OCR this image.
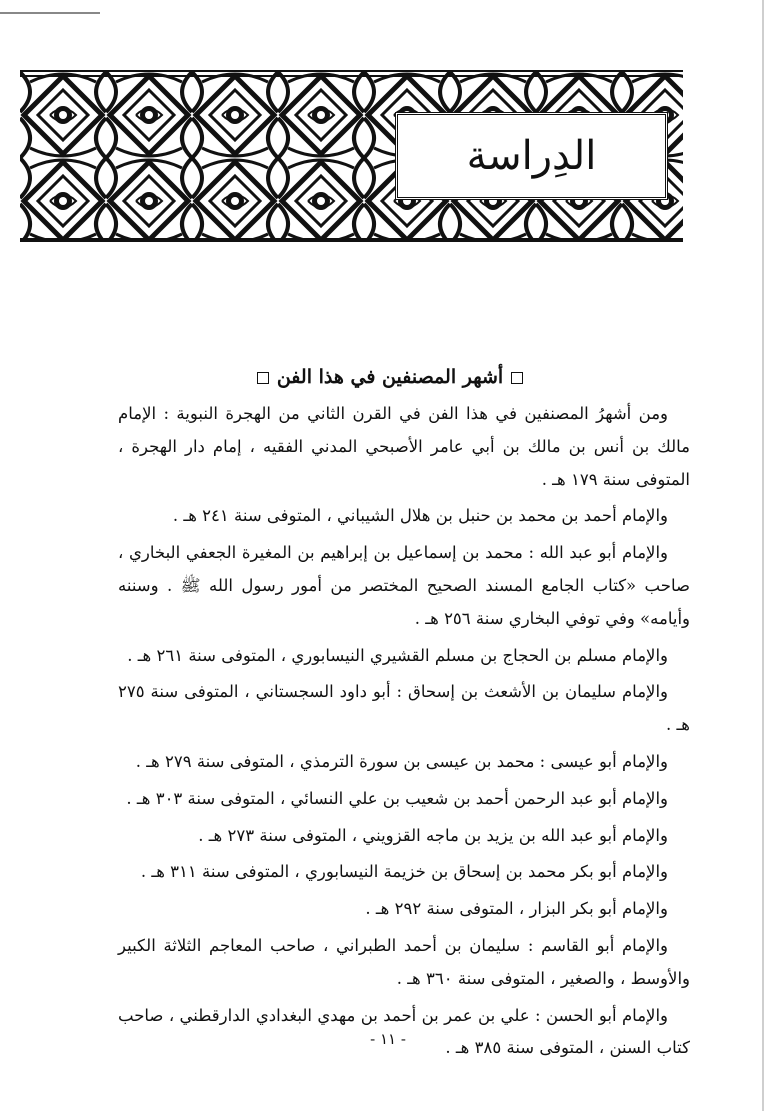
الدِراسة
أشهر المصنفين في هذا الفن

ومن أشهرُ المصنفين في هذا الفن في القرن الثاني من الهجرة النبوية : الإمام مالك بن أنس بن مالك بن أبي عامر الأصبحي المدني الفقيه ، إمام دار الهجرة ، المتوفى سنة ١٧٩ هـ .

والإمام أحمد بن محمد بن حنبل بن هلال الشيباني ، المتوفى سنة ٢٤١ هـ .

والإمام أبو عبد الله : محمد بن إسماعيل بن إبراهيم بن المغيرة الجعفي البخاري ، صاحب «كتاب الجامع المسند الصحيح المختصر من أمور رسول الله ﷺ . وسننه وأيامه» وفي توفي البخاري سنة ٢٥٦ هـ .

والإمام مسلم بن الحجاج بن مسلم القشيري النيسابوري ، المتوفى سنة ٢٦١ هـ .

والإمام سليمان بن الأشعث بن إسحاق : أبو داود السجستاني ، المتوفى سنة ٢٧٥ هـ .

والإمام أبو عيسى : محمد بن عيسى بن سورة الترمذي ، المتوفى سنة ٢٧٩ هـ .

والإمام أبو عبد الرحمن أحمد بن شعيب بن علي النسائي ، المتوفى سنة ٣٠٣ هـ .

والإمام أبو عبد الله بن يزيد بن ماجه القزويني ، المتوفى سنة ٢٧٣ هـ .

والإمام أبو بكر محمد بن إسحاق بن خزيمة النيسابوري ، المتوفى سنة ٣١١ هـ .

والإمام أبو بكر البزار ، المتوفى سنة ٢٩٢ هـ .

والإمام أبو القاسم : سليمان بن أحمد الطبراني ، صاحب المعاجم الثلاثة الكبير والأوسط ، والصغير ، المتوفى سنة ٣٦٠ هـ .

والإمام أبو الحسن : علي بن عمر بن أحمد بن مهدي البغدادي الدارقطني ، صاحب كتاب السنن ، المتوفى سنة ٣٨٥ هـ .

- ١١ -
